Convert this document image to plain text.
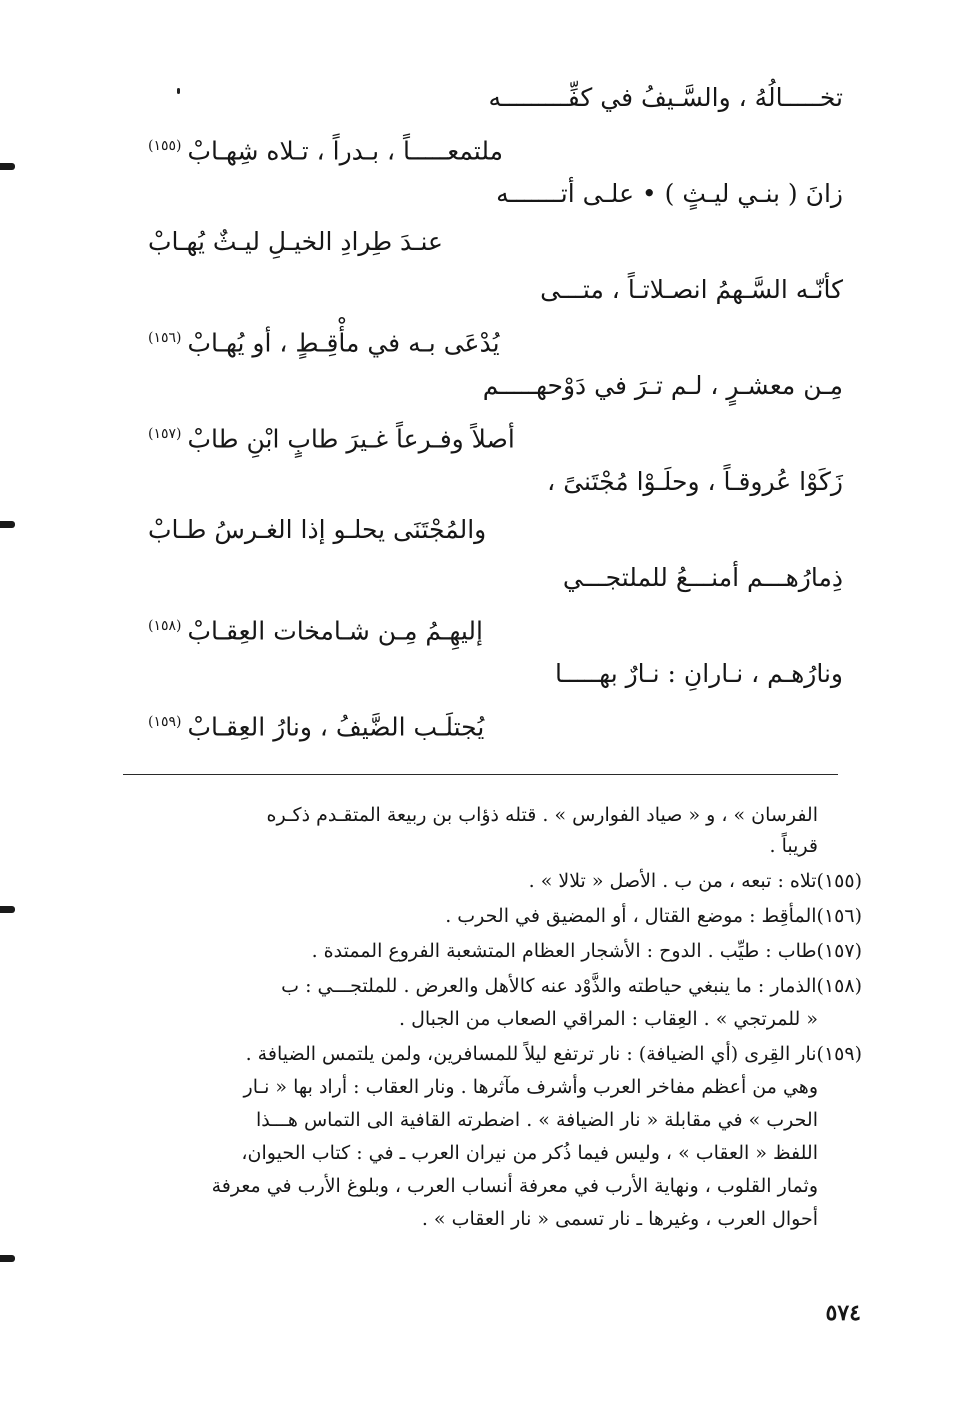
تخـــــالُهُ ، والسَّـيفُ في كفِّـــــــــه
ملتمعـــــاً ، بـدراً ، تـلاه شِهـابْ$^{(١٥٥)}$
زانَ ( بنـي ليـثٍ ) • علـى أتـــــــه
عنـدَ طِرادِ الخيـلِ ليـثٌ يُهـابْ
كأنّـه السَّـهمُ انصـلاتـاً ، متـــى
يُدْعَى بـه في مأْقِـطٍ ، أو يُهـابْ$^{(١٥٦)}$
مِـن معشـرٍ ، لـم تـرَ في دَوْحهـــــم
أصلاً وفـرعاً غـيرَ طابٍ ابْنِ طابْ$^{(١٥٧)}$
زَكَوْا عُروقـاً ، وحلَـوْا مُجْتَنىً ،
والمُجْتَنَى يحلـو إذا الغـرسُ طـابْ
ذِمارُهـــم أمنـــعُ للملتجـــي
إليهِـمُ مِـن شـامخات العِقـابْ$^{(١٥٨)}$
ونارُهـم ، نـارانِ : نـارٌ بهـــــا
يُجتلَـب الضَّيفُ ، ونارُ العِقـابْ$^{(١٥٩)}$
الفرسان » ، و « صياد الفوارس » . قتله ذؤاب بن ربيعة المتقـدم ذكـره
قريباً .
(١٥٥)تلاه : تبعه ، من ب . الأصل « تلالا » .
(١٥٦)المأقِط : موضع القتال ، أو المضيق في الحرب .
(١٥٧)طاب : طيِّب . الدوح : الأشجار العظام المتشعبة الفروع الممتدة .
(١٥٨)الذمار : ما ينبغي حياطته والذَّوْد عنه كالأهل والعرض . للملتجـــي : ب
« للمرتجي » . العِقاب : المراقي الصعاب من الجبال .
(١٥٩)نار القِرى (أي الضيافة) : نار ترتفع ليلاً للمسافرين، ولمن يلتمس الضيافة .
وهي من أعظم مفاخر العرب وأشرف مآثرها . ونار العقاب : أراد بها « نـار
الحرب » في مقابلة « نار الضيافة » . اضطرته القافية الى التماس هـــذا
اللفظ « العقاب » ، وليس فيما ذُكر من نيران العرب ـ في : كتاب الحيوان،
وثمار القلوب ، ونهاية الأرب في معرفة أنساب العرب ، وبلوغ الأرب في معرفة
أحوال العرب ، وغيرها ـ نار تسمى « نار العقاب » .
٥٧٤
